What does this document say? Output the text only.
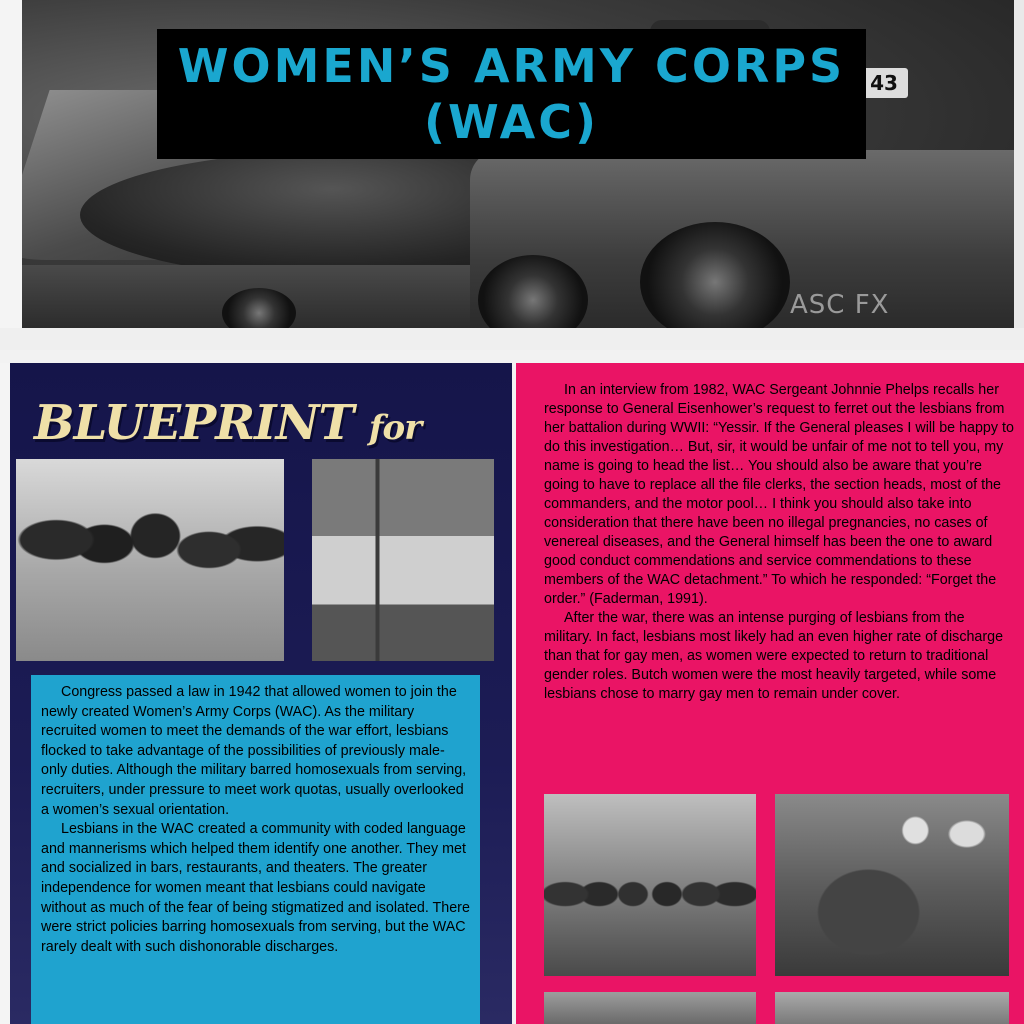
43
ASC FX
WOMEN’S ARMY CORPS
(WAC)
BLUEPRINT for

Congress passed a law in 1942 that allowed women to join the newly created Women’s Army Corps (WAC). As the military recruited women to meet the demands of the war effort, lesbians flocked to take advantage of the possibilities of previously male-only duties. Although the military barred homosexuals from serving, recruiters, under pressure to meet work quotas, usually overlooked a women’s sexual orientation.

Lesbians in the WAC created a community with coded language and mannerisms which helped them identify one another. They met and socialized in bars, restaurants, and theaters. The greater independence for women meant that lesbians could navigate without as much of the fear of being stigmatized and isolated. There were strict policies barring homosexuals from serving, but the WAC rarely dealt with such dishonorable discharges.

In an interview from 1982, WAC Sergeant Johnnie Phelps recalls her response to General Eisenhower’s request to ferret out the lesbians from her battalion during WWII: “Yessir. If the General pleases I will be happy to do this investigation… But, sir, it would be unfair of me not to tell you, my name is going to head the list… You should also be aware that you’re going to have to replace all the file clerks, the section heads, most of the commanders, and the motor pool… I think you should also take into consideration that there have been no illegal pregnancies, no cases of venereal diseases, and the General himself has been the one to award good conduct commendations and service commendations to these members of the WAC detachment.” To which he responded: “Forget the order.” (Faderman, 1991).

After the war, there was an intense purging of lesbians from the military. In fact, lesbians most likely had an even higher rate of discharge than that for gay men, as women were expected to return to traditional gender roles. Butch women were the most heavily targeted, while some lesbians chose to marry gay men to remain under cover.
